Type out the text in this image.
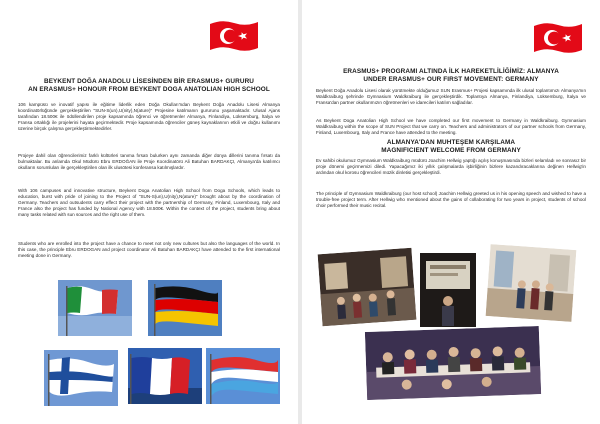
BEYKENT DOĞA ANADOLU LİSESİNDEN BİR ERASMUS+ GURURU
AN ERASMUS+ HONOUR FROM BEYKENT DOGA ANATOLIAN HIGH SCHOOL

106 kampüsü ve inovatif yapısı ile eğitime liderlik eden Doğa Okulları'ndan Beykent Doğa Anadolu Lisesi Almanya koordinatörlüğünde gerçekleştirilen "SUN-S(un),U(nity),N(ature)" Projesine katılmanın gururunu yaşamaktadır. Ulusal Ajans tarafından 18.500€ ile ödüllendirilen proje kapsamında öğrenci ve öğretmenler Almanya, Finlandiya, Lüksemburg, İtalya ve Fransa ortaklığı ile projelerini hayata geçirmektedir. Proje kapsamında öğrenciler güneş kaynaklarının etkili ve doğru kullanımı üzerine birçok çalışma gerçekleştirmektedirler.

Projeye dahil olan öğrencilerimiz farklı kültürleri tanıma fırsatı bulurken aynı zamanda diğer dünya dillerini tanıma fırsatı da bulmaktalar. Bu anlamda Okul Müdürü Ebru ERDOĞAN ile Proje Koordinatörü Ali Batuhan BARDAKÇI, Almanya'da katılımcı okulların sorumluları ile gerçekleştirilen olan ilk ulusötesi konferansa katılmışlardır.

With 106 campuses and innovative structure, Beykent Doga Anatolian High School from Doga Schools, which leads to education, burst with pride of joining to the Project of "SUN-S(un),U(nity),N(ature)" brought about by the coordination of Germany. Teachers and outsudents carry effect their project with the partnership of Germany, Finland, Luxembourg, Italy and France also the project has funded by National Agency with 18.500€. Within the context of the project, students bring about many tasks related with sun sources and the right use of them.

Students who are enrolled into the project have a chance to meet not only new cultures but also the languages of the world. In this case, the principle Ebru ERDOGAN and project coordinator Ali Batuhan BARDAKÇI have attended to the first international meeting done in Germany.

ERASMUS+ PROGRAMI ALTINDA İLK HAREKETLİLİĞİMİZ: ALMANYA
UNDER ERASMUS+ OUR FIRST MOVEMENT: GERMANY

Beykent Doğa Anadolu Lisesi olarak yürütmekte olduğumuz SUN Erasmus+ Projesi kapsamında ilk ulusal toplantımızı Almanya'nın Waldkraiburg şehrinde Gymnasium Waldkraiburg ile gerçekleştirdik. Toplantıya Almanya, Finlandiya, Lüksemburg, İtalya ve Fransa'dan partner okullarımızın öğretmenleri ve idarecileri katılım sağladılar.

As Beykent Doga Anatolian High School we have completed our first movement to Germany in Waldkraiburg. Gymnasium Waldkraiburg within the scope of SUN Project that we carry on. Teachers and administrators of our partner schools from Germany, Finland, Luxembourg, Italy and France have attended to the meeting.

ALMANYA'DAN MUHTEŞEM KARŞILAMA
MAGNIFICIENT WELCOME FROM GERMANY

Ev sahibi okulumuz Gymnasium Waldkraiburg müdürü Joachim Hellwig yaptığı açılış konuşmasında bizleri selamladı ve sonrasız bir proje dönemi geçirmemizi diledi. Yapacağımız iki yıllık çalışmalarda işbirliğinin bizlere kazandıracaklarına değinen Hellwig'in ardından okul korosu öğrencileri müzik dinletisi gerçekleştirdi.

The principle of Gymnasium Waldkraiburg (our host school) Joachim Hellwig greeted us in his opening speech and wished to have a trouble-free project term. After Hellwig who mentioned about the gains of collaborating for two years in project, students of school choir performed their music recital.
